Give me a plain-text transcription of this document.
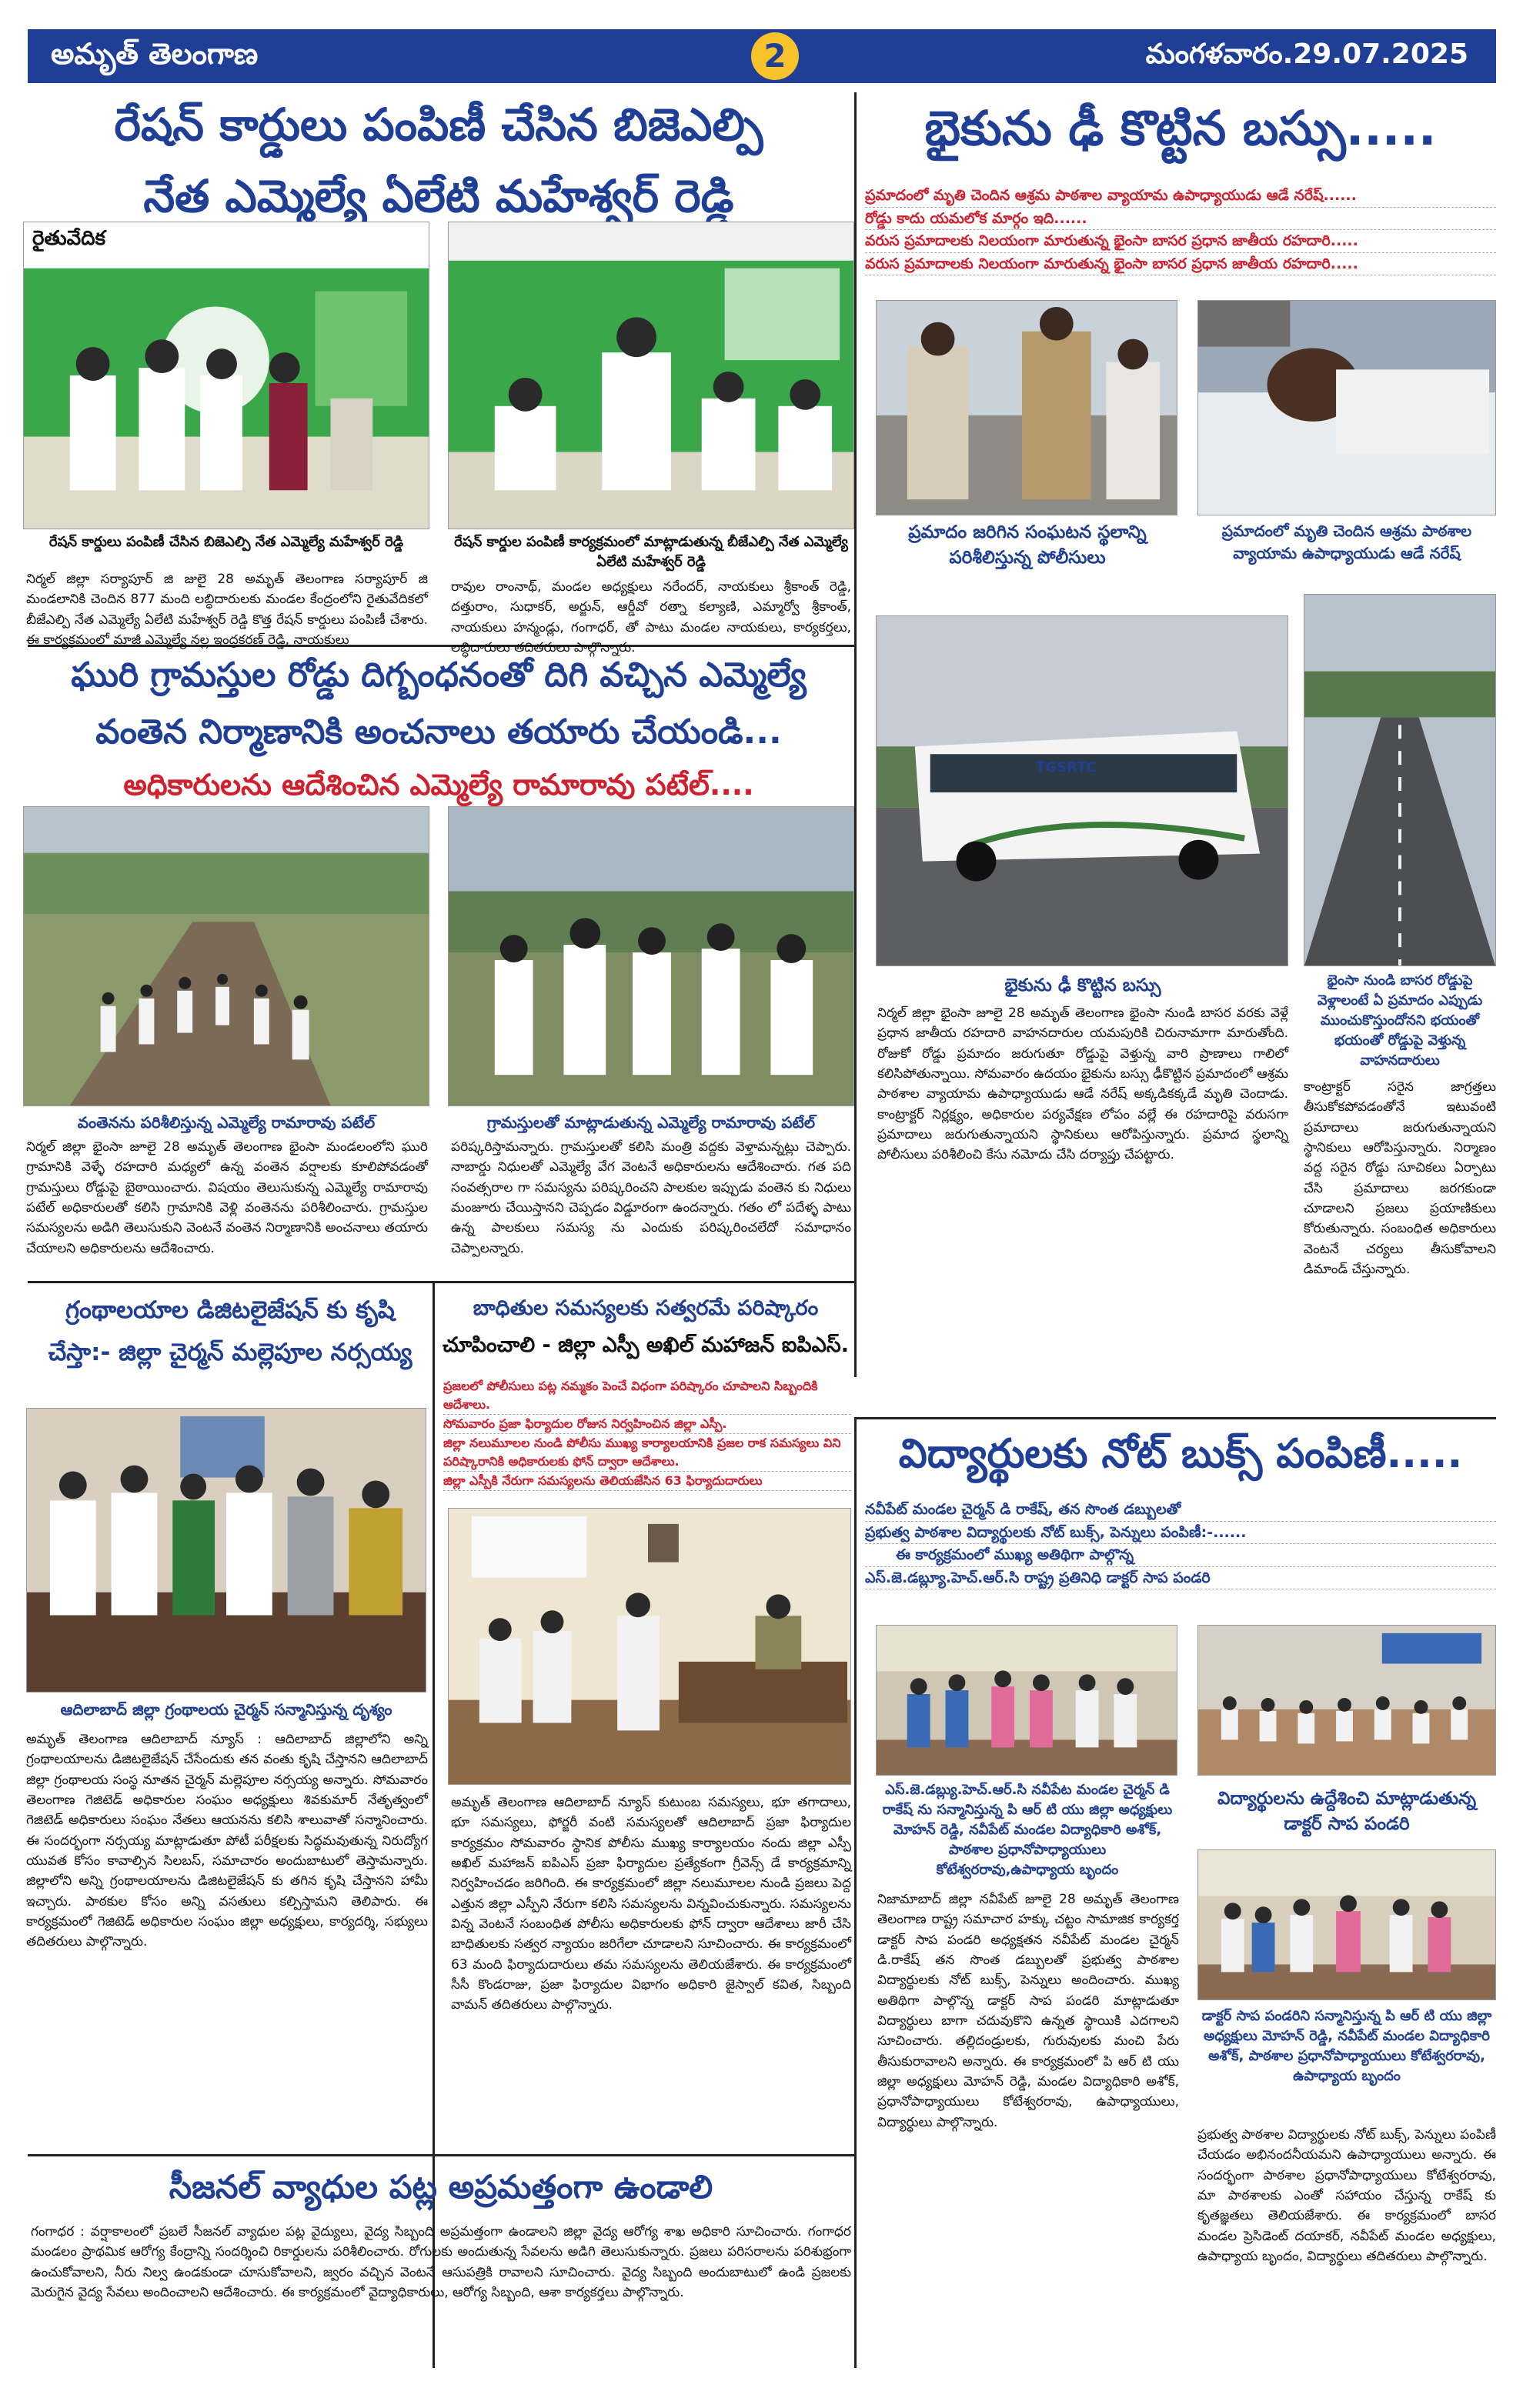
అమృత్ తెలంగాణ	2	మంగళవారం.29.07.2025
రేషన్ కార్డులు పంపిణీ చేసిన బిజెఎల్పి
నేత ఎమ్మెల్యే ఏలేటి మహేశ్వర్ రెడ్డి
రైతువేదిక
రేషన్ కార్డులు పంపిణీ చేసిన బిజెఎల్పి నేత ఎమ్మెల్యే మహేశ్వర్ రెడ్డి	రేషన్ కార్డుల పంపిణీ కార్యక్రమంలో మాట్లాడుతున్న బీజేఎల్పి నేత ఎమ్మెల్యే ఏలేటి మహేశ్వర్ రెడ్డి
నిర్మల్ జిల్లా సర్యాపూర్ జి జులై 28 అమృత్ తెలంగాణ సర్యాపూర్ జి మండలానికి చెందిన 877 మంది లబ్ధిదారులకు మండల కేంద్రంలోని రైతువేదికలో బీజేఎల్పి నేత ఎమ్మెల్యే ఏలేటి మహేశ్వర్ రెడ్డి కొత్త రేషన్ కార్డులు పంపిణీ చేశారు. ఈ కార్యక్రమంలో మాజీ ఎమ్మెల్యే నల్ల ఇంద్రకరణ్ రెడ్డి, నాయకులు
రావుల రాంనాథ్, మండల అధ్యక్షులు నరేందర్, నాయకులు శ్రీకాంత్ రెడ్డి, దత్తురాం, సుధాకర్, అర్జున్, ఆర్డీవో రత్నా కల్యాణి, ఎమ్మార్వో శ్రీకాంత్, నాయకులు హన్మండ్లు, గంగాధర్, తో పాటు మండల నాయకులు, కార్యకర్తలు, లబ్ధిదారులు తదితరులు పాల్గొన్నారు.
ఘురి గ్రామస్తుల రోడ్డు దిగ్బంధనంతో దిగి వచ్చిన ఎమ్మెల్యే
వంతెన నిర్మాణానికి అంచనాలు తయారు చేయండి...
అధికారులను ఆదేశించిన ఎమ్మెల్యే రామారావు పటేల్....
వంతెనను పరిశీలిస్తున్న ఎమ్మెల్యే రామారావు పటేల్	గ్రామస్తులతో మాట్లాడుతున్న ఎమ్మెల్యే రామారావు పటేల్
నిర్మల్ జిల్లా భైంసా జూలై 28 అమృత్ తెలంగాణ భైంసా మండలంలోని ఘురి గ్రామానికి వెళ్ళే రహదారి మధ్యలో ఉన్న వంతెన వర్షాలకు కూలిపోవడంతో గ్రామస్తులు రోడ్డుపై బైఠాయించారు. విషయం తెలుసుకున్న ఎమ్మెల్యే రామారావు పటేల్ అధికారులతో కలిసి గ్రామానికి వెళ్లి వంతెనను పరిశీలించారు. గ్రామస్తుల సమస్యలను అడిగి తెలుసుకుని వెంటనే వంతెన నిర్మాణానికి అంచనాలు తయారు చేయాలని అధికారులను ఆదేశించారు.
పరిష్కరిస్తామన్నారు. గ్రామస్తులతో కలిసి మంత్రి వద్దకు వెళ్తామన్నట్లు చెప్పారు. నాబార్డు నిధులతో ఎమ్మెల్యే వేగ వెంటనే అధికారులను ఆదేశించారు. గత పది సంవత్సరాల గా సమస్యను పరిష్కరించని పాలకుల ఇప్పుడు వంతెన కు నిధులు మంజూరు చేయిస్తానని చెప్పడం విడ్డూరంగా ఉందన్నారు. గతం లో పదేళ్ళ పాటు ఉన్న పాలకులు సమస్య ను ఎందుకు పరిష్కరించలేదో సమాధానం చెప్పాలన్నారు.
భైకును ఢీ కొట్టిన బస్సు.....
ప్రమాదంలో మృతి చెందిన ఆశ్రమ పాఠశాల వ్యాయామ ఉపాధ్యాయుడు ఆడే నరేష్......
రోడ్డు కాదు యమలోక మార్గం ఇది......
వరుస ప్రమాదాలకు నిలయంగా మారుతున్న భైంసా బాసర ప్రధాన జాతీయ రహదారి.....
వరుస ప్రమాదాలకు నిలయంగా మారుతున్న భైంసా బాసర ప్రధాన జాతీయ రహదారి.....
ప్రమాదం జరిగిన సంఘటన స్థలాన్ని పరిశీలిస్తున్న పోలీసులు
ప్రమాదంలో మృతి చెందిన ఆశ్రమ పాఠశాల వ్యాయామ ఉపాధ్యాయుడు ఆడే నరేష్
TGSRTC
భైకును ఢీ కొట్టిన బస్సు	భైంసా నుండి బాసర రోడ్డుపై వెళ్లాలంటే ఏ ప్రమాదం ఎప్పుడు ముంచుకొస్తుందోనని భయంతో భయంతో రోడ్డుపై వెళ్తున్న వాహనదారులు
నిర్మల్ జిల్లా భైంసా జూలై 28 అమృత్ తెలంగాణ భైంసా నుండి బాసర వరకు వెళ్లే ప్రధాన జాతీయ రహదారి వాహనదారుల యమపురికి చిరునామాగా మారుతోంది. రోజుకో రోడ్డు ప్రమాదం జరుగుతూ రోడ్డుపై వెళ్తున్న వారి ప్రాణాలు గాలిలో కలిసిపోతున్నాయి. సోమవారం ఉదయం భైకును బస్సు ఢీకొట్టిన ప్రమాదంలో ఆశ్రమ పాఠశాల వ్యాయామ ఉపాధ్యాయుడు ఆడే నరేష్ అక్కడికక్కడే మృతి చెందాడు. కాంట్రాక్టర్ నిర్లక్ష్యం, అధికారుల పర్యవేక్షణ లోపం వల్లే ఈ రహదారిపై వరుసగా ప్రమాదాలు జరుగుతున్నాయని స్థానికులు ఆరోపిస్తున్నారు. ప్రమాద స్థలాన్ని పోలీసులు పరిశీలించి కేసు నమోదు చేసి దర్యాప్తు చేపట్టారు.
కాంట్రాక్టర్ సరైన జాగ్రత్తలు తీసుకోకపోవడంతోనే ఇటువంటి ప్రమాదాలు జరుగుతున్నాయని స్థానికులు ఆరోపిస్తున్నారు. నిర్మాణం వద్ద సరైన రోడ్డు సూచికలు ఏర్పాటు చేసి ప్రమాదాలు జరగకుండా చూడాలని ప్రజలు ప్రయాణికులు కోరుతున్నారు. సంబంధిత అధికారులు వెంటనే చర్యలు తీసుకోవాలని డిమాండ్ చేస్తున్నారు.
గ్రంథాలయాల డిజిటలైజేషన్ కు కృషి
చేస్తా:- జిల్లా చైర్మన్ మల్లెపూల నర్సయ్య
ఆదిలాబాద్ జిల్లా గ్రంథాలయ చైర్మన్ సన్మానిస్తున్న దృశ్యం
అమృత్ తెలంగాణ ఆదిలాబాద్ న్యూస్ : ఆదిలాబాద్ జిల్లాలోని అన్ని గ్రంథాలయాలను డిజిటలైజేషన్ చేసేందుకు తన వంతు కృషి చేస్తానని ఆదిలాబాద్ జిల్లా గ్రంథాలయ సంస్థ నూతన చైర్మన్ మల్లెపూల నర్సయ్య అన్నారు. సోమవారం తెలంగాణ గెజిటెడ్ అధికారుల సంఘం అధ్యక్షులు శివకుమార్ నేతృత్వంలో గెజిటెడ్ అధికారులు సంఘం నేతలు ఆయనను కలిసి శాలువాతో సన్మానించారు. ఈ సందర్భంగా నర్సయ్య మాట్లాడుతూ పోటీ పరీక్షలకు సిద్ధమవుతున్న నిరుద్యోగ యువత కోసం కావాల్సిన సిలబస్, సమాచారం అందుబాటులో తెస్తామన్నారు. జిల్లాలోని అన్ని గ్రంథాలయాలను డిజిటలైజేషన్ కు తగిన కృషి చేస్తానని హామీ ఇచ్చారు. పాఠకుల కోసం అన్ని వసతులు కల్పిస్తామని తెలిపారు. ఈ కార్యక్రమంలో గెజిటెడ్ అధికారుల సంఘం జిల్లా అధ్యక్షులు, కార్యదర్శి, సభ్యులు తదితరులు పాల్గొన్నారు.
బాధితుల సమస్యలకు సత్వరమే పరిష్కారం
చూపించాలి - జిల్లా ఎస్పీ అఖిల్ మహాజన్ ఐపిఎస్.
ప్రజలలో పోలీసులు పట్ల నమ్మకం పెంచే విధంగా పరిష్కారం చూపాలని సిబ్బందికి ఆదేశాలు.
సోమవారం ప్రజా ఫిర్యాదుల రోజున నిర్వహించిన జిల్లా ఎస్పీ.
జిల్లా నలుమూలల నుండి పోలీసు ముఖ్య కార్యాలయానికి ప్రజల రాక సమస్యలు విని పరిష్కారానికి అధికారులకు ఫోన్ ద్వారా ఆదేశాలు.
జిల్లా ఎస్పీకి నేరుగా సమస్యలను తెలియజేసిన 63 ఫిర్యాదుదారులు
అమృత్ తెలంగాణ ఆదిలాబాద్ న్యూస్ కుటుంబ సమస్యలు, భూ తగాదాలు, భూ సమస్యలు, ఫోర్జరీ వంటి సమస్యలతో ఆదిలాబాద్ ప్రజా ఫిర్యాదుల కార్యక్రమం సోమవారం స్థానిక పోలీసు ముఖ్య కార్యాలయం నందు జిల్లా ఎస్పీ అఖిల్ మహాజన్ ఐపిఎస్ ప్రజా ఫిర్యాదుల ప్రత్యేకంగా గ్రీవెన్స్ డే కార్యక్రమాన్ని నిర్వహించడం జరిగింది. ఈ కార్యక్రమంలో జిల్లా నలుమూలల నుండి ప్రజలు పెద్ద ఎత్తున జిల్లా ఎస్పీని నేరుగా కలిసి సమస్యలను విన్నవించుకున్నారు. సమస్యలను విన్న వెంటనే సంబంధిత పోలీసు అధికారులకు ఫోన్ ద్వారా ఆదేశాలు జారీ చేసి బాధితులకు సత్వర న్యాయం జరిగేలా చూడాలని సూచించారు. ఈ కార్యక్రమంలో 63 మంది ఫిర్యాదుదారులు తమ సమస్యలను తెలియజేశారు. ఈ కార్యక్రమంలో సీసీ కొండరాజు, ప్రజా ఫిర్యాదుల విభాగం అధికారి జైస్వాల్ కవిత, సిబ్బంది వామన్ తదితరులు పాల్గొన్నారు.
విద్యార్థులకు నోట్ బుక్స్ పంపిణీ.....
నవీపేట్ మండల చైర్మన్ డి రాకేష్, తన సొంత డబ్బులతో
ప్రభుత్వ పాఠశాల విద్యార్థులకు నోట్ బుక్స్, పెన్నులు పంపిణీ:-......
ఈ కార్యక్రమంలో ముఖ్య అతిథిగా పాల్గొన్న
ఎస్.జె.డబ్ల్యూ.హెచ్.ఆర్.సి రాష్ట్ర ప్రతినిధి డాక్టర్ సాప పండరి
ఎస్.జె.డబ్ల్యు.హెచ్.ఆర్.సి నవీపేట మండల చైర్మన్ డి రాకేష్ ను సన్మానిస్తున్న పి ఆర్ టి యు జిల్లా అధ్యక్షులు మోహన్ రెడ్డి, నవీపేట్ మండల విద్యాధికారి అశోక్, పాఠశాల ప్రధానోపాధ్యాయులు కోటేశ్వరరావు,ఉపాధ్యాయ బృందం
విద్యార్థులను ఉద్దేశించి మాట్లాడుతున్న డాక్టర్ సాప పండరి
డాక్టర్ సాప పండరిని సన్మానిస్తున్న పి ఆర్ టి యు జిల్లా అధ్యక్షులు మోహన్ రెడ్డి, నవీపేట్ మండల విద్యాధికారి అశోక్, పాఠశాల ప్రధానోపాధ్యాయులు కోటేశ్వరరావు, ఉపాధ్యాయ బృందం
నిజామాబాద్ జిల్లా నవీపేట్ జూలై 28 అమృత్ తెలంగాణ తెలంగాణ రాష్ట్ర సమాచార హక్కు చట్టం సామాజిక కార్యకర్త డాక్టర్ సాప పండరి అధ్యక్షతన నవీపేట్ మండల చైర్మన్ డి.రాకేష్ తన సొంత డబ్బులతో ప్రభుత్వ పాఠశాల విద్యార్థులకు నోట్ బుక్స్, పెన్నులు అందించారు. ముఖ్య అతిథిగా పాల్గొన్న డాక్టర్ సాప పండరి మాట్లాడుతూ విద్యార్థులు బాగా చదువుకొని ఉన్నత స్థాయికి ఎదగాలని సూచించారు. తల్లిదండ్రులకు, గురువులకు మంచి పేరు తీసుకురావాలని అన్నారు. ఈ కార్యక్రమంలో పి ఆర్ టి యు జిల్లా అధ్యక్షులు మోహన్ రెడ్డి, మండల విద్యాధికారి అశోక్, ప్రధానోపాధ్యాయులు కోటేశ్వరరావు, ఉపాధ్యాయులు, విద్యార్థులు పాల్గొన్నారు.
ప్రభుత్వ పాఠశాల విద్యార్థులకు నోట్ బుక్స్, పెన్నులు పంపిణీ చేయడం అభినందనీయమని ఉపాధ్యాయులు అన్నారు. ఈ సందర్భంగా పాఠశాల ప్రధానోపాధ్యాయులు కోటేశ్వరరావు, మా పాఠశాలకు ఎంతో సహాయం చేస్తున్న రాకేష్ కు కృతజ్ఞతలు తెలియజేశారు. ఈ కార్యక్రమంలో బాసర మండల ప్రెసిడెంట్ దయాకర్, నవీపేట్ మండల అధ్యక్షులు, ఉపాధ్యాయ బృందం, విద్యార్థులు తదితరులు పాల్గొన్నారు.
సీజనల్ వ్యాధుల పట్ల అప్రమత్తంగా ఉండాలి
గంగాధర : వర్షాకాలంలో ప్రబలే సీజనల్ వ్యాధుల పట్ల వైద్యులు, వైద్య సిబ్బంది అప్రమత్తంగా ఉండాలని జిల్లా వైద్య ఆరోగ్య శాఖ అధికారి సూచించారు. గంగాధర మండలం ప్రాథమిక ఆరోగ్య కేంద్రాన్ని సందర్శించి రికార్డులను పరిశీలించారు. రోగులకు అందుతున్న సేవలను అడిగి తెలుసుకున్నారు. ప్రజలు పరిసరాలను పరిశుభ్రంగా ఉంచుకోవాలని, నీరు నిల్వ ఉండకుండా చూసుకోవాలని, జ్వరం వచ్చిన వెంటనే ఆసుపత్రికి రావాలని సూచించారు. వైద్య సిబ్బంది అందుబాటులో ఉండి ప్రజలకు మెరుగైన వైద్య సేవలు అందించాలని ఆదేశించారు. ఈ కార్యక్రమంలో వైద్యాధికారులు, ఆరోగ్య సిబ్బంది, ఆశా కార్యకర్తలు పాల్గొన్నారు.
